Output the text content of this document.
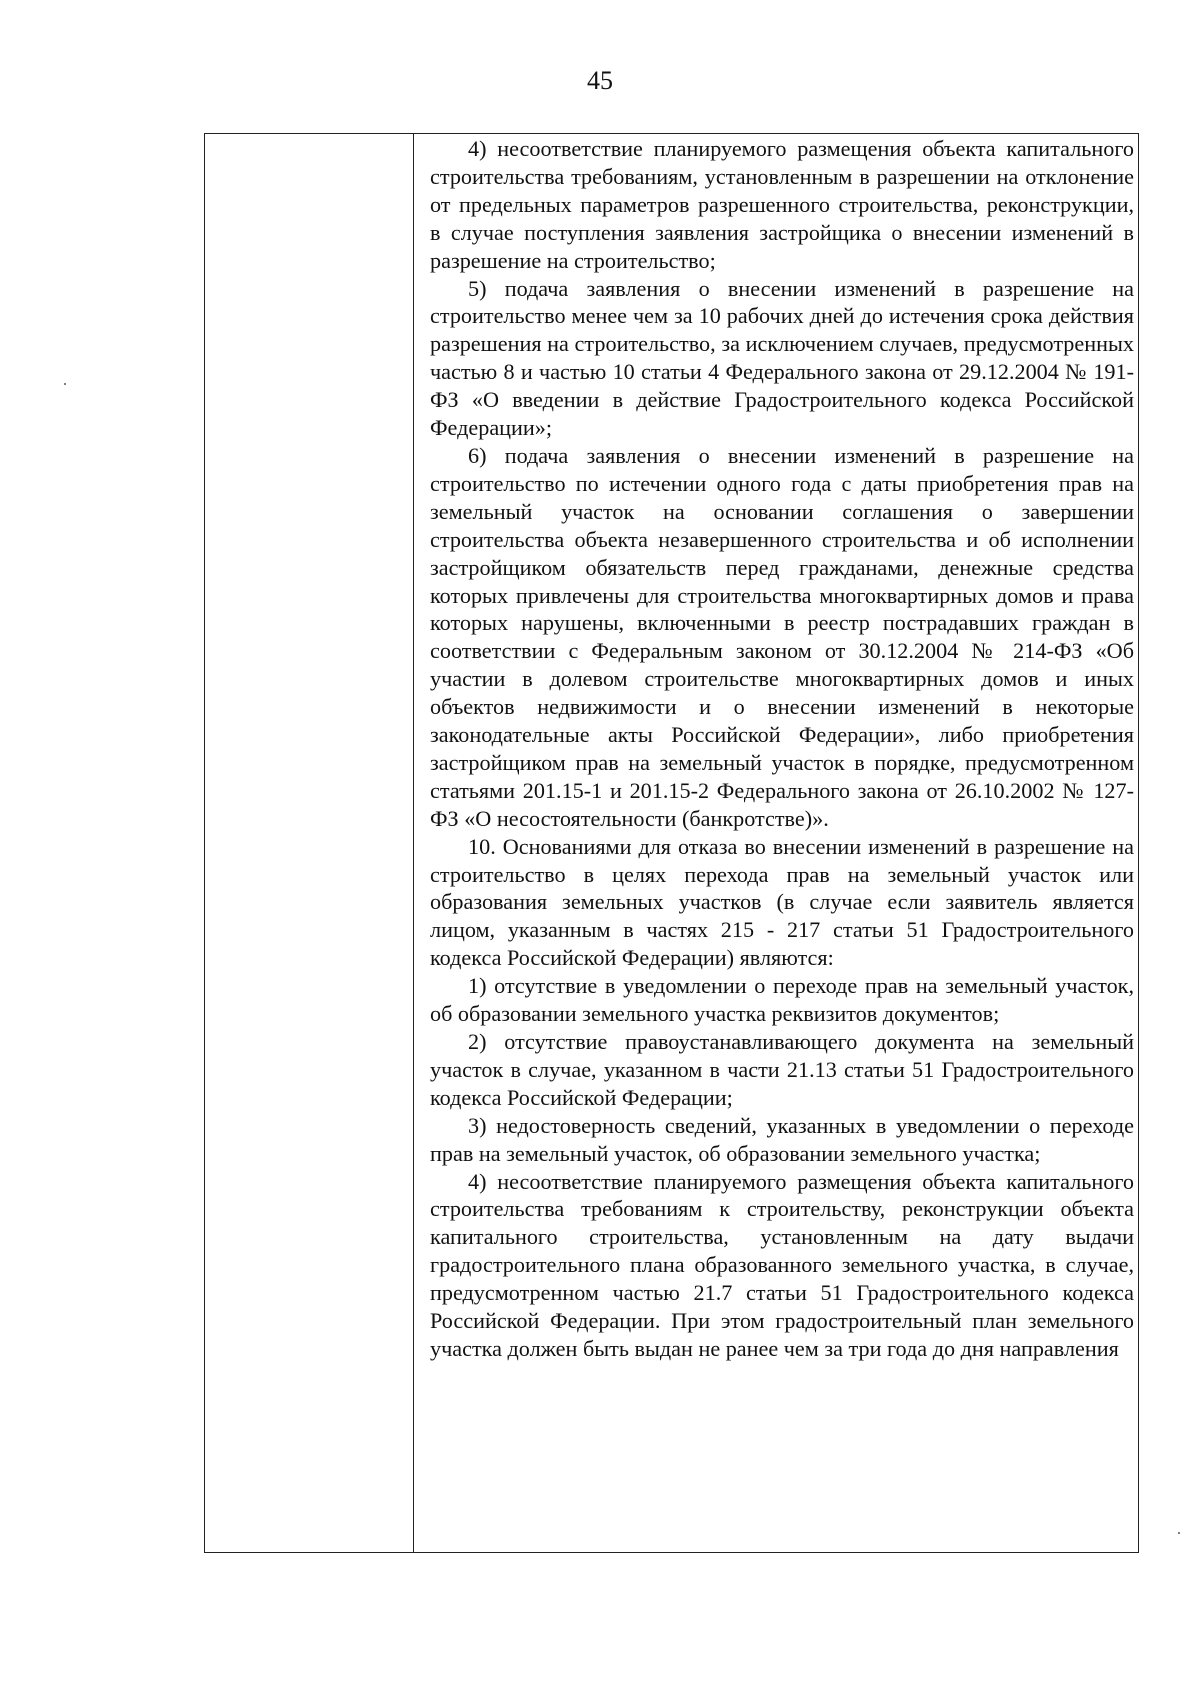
45

4) несоответствие планируемого размещения объекта капитального строительства требованиям, установленным в разрешении на отклонение от предельных параметров разрешенного строительства, реконструкции, в случае поступления заявления застройщика о внесении изменений в разрешение на строительство;

5) подача заявления о внесении изменений в разрешение на строительство менее чем за 10 рабочих дней до истечения срока действия разрешения на строительство, за исключением случаев, предусмотренных частью 8 и частью 10 статьи 4 Федерального закона от 29.12.2004 № 191-ФЗ «О введении в действие Градостроительного кодекса Российской Федерации»;

6) подача заявления о внесении изменений в разрешение на строительство по истечении одного года с даты приобретения прав на земельный участок на основании соглашения о завершении строительства объекта незавершенного строительства и об исполнении застройщиком обязательств перед гражданами, денежные средства которых привлечены для строительства многоквартирных домов и права которых нарушены, включенными в реестр пострадавших граждан в соответствии с Федеральным законом от 30.12.2004 № 214-ФЗ «Об участии в долевом строительстве многоквартирных домов и иных объектов недвижимости и о внесении изменений в некоторые законодательные акты Российской Федерации», либо приобретения застройщиком прав на земельный участок в порядке, предусмотренном статьями 201.15-1 и 201.15-2 Федерального закона от 26.10.2002 № 127-ФЗ «О несостоятельности (банкротстве)».

10. Основаниями для отказа во внесении изменений в разрешение на строительство в целях перехода прав на земельный участок или образования земельных участков (в случае если заявитель является лицом, указанным в частях 215 - 217 статьи 51 Градостроительного кодекса Российской Федерации) являются:

1) отсутствие в уведомлении о переходе прав на земельный участок, об образовании земельного участка реквизитов документов;

2) отсутствие правоустанавливающего документа на земельный участок в случае, указанном в части 21.13 статьи 51 Градостроительного кодекса Российской Федерации;

3) недостоверность сведений, указанных в уведомлении о переходе прав на земельный участок, об образовании земельного участка;

4) несоответствие планируемого размещения объекта капитального строительства требованиям к строительству, реконструкции объекта капитального строительства, установленным на дату выдачи градостроительного плана образованного земельного участка, в случае, предусмотренном частью 21.7 статьи 51 Градостроительного кодекса Российской Федерации. При этом градостроительный план земельного участка должен быть выдан не ранее чем за три года до дня направления
